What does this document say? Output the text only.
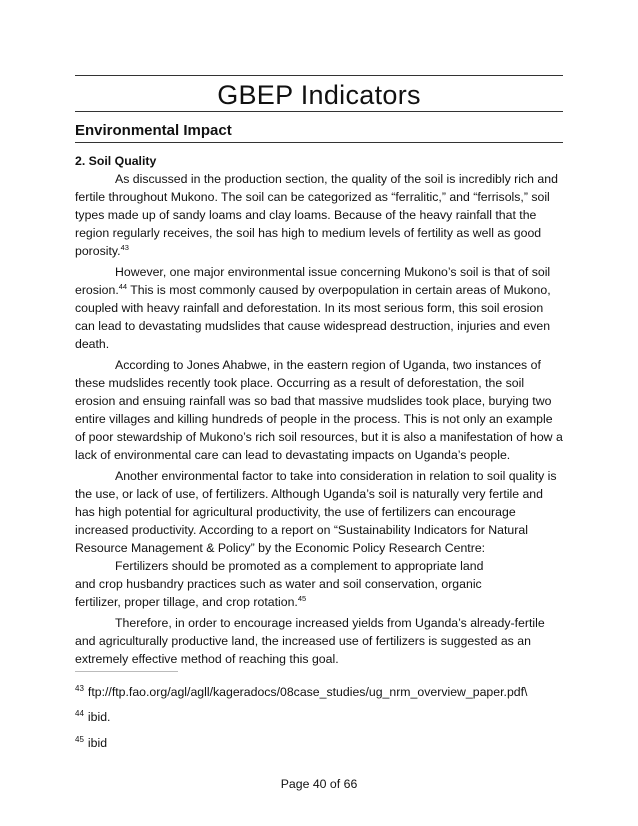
GBEP Indicators
Environmental Impact
2. Soil Quality

As discussed in the production section, the quality of the soil is incredibly rich and fertile throughout Mukono. The soil can be categorized as “ferralitic,” and “ferrisols,” soil types made up of sandy loams and clay loams. Because of the heavy rainfall that the region regularly receives, the soil has high to medium levels of fertility as well as good porosity.$^{43}$

However, one major environmental issue concerning Mukono’s soil is that of soil erosion.$^{44}$ This is most commonly caused by overpopulation in certain areas of Mukono, coupled with heavy rainfall and deforestation. In its most serious form, this soil erosion can lead to devastating mudslides that cause widespread destruction, injuries and even death.

According to Jones Ahabwe, in the eastern region of Uganda, two instances of these mudslides recently took place. Occurring as a result of deforestation, the soil erosion and ensuing rainfall was so bad that massive mudslides took place, burying two entire villages and killing hundreds of people in the process. This is not only an example of poor stewardship of Mukono’s rich soil resources, but it is also a manifestation of how a lack of environmental care can lead to devastating impacts on Uganda’s people.

Another environmental factor to take into consideration in relation to soil quality is the use, or lack of use, of fertilizers. Although Uganda’s soil is naturally very fertile and has high potential for agricultural productivity, the use of fertilizers can encourage increased productivity. According to a report on “Sustainability Indicators for Natural Resource Management & Policy” by the Economic Policy Research Centre:

Fertilizers should be promoted as a complement to appropriate land and crop husbandry practices such as water and soil conservation, organic fertilizer, proper tillage, and crop rotation.$^{45}$

Therefore, in order to encourage increased yields from Uganda’s already-fertile and agriculturally productive land, the increased use of fertilizers is suggested as an extremely effective method of reaching this goal.

$^{43}$ ftp://ftp.fao.org/agl/agll/kageradocs/08case_studies/ug_nrm_overview_paper.pdf\
$^{44}$ ibid.
$^{45}$ ibid
Page 40 of 66
